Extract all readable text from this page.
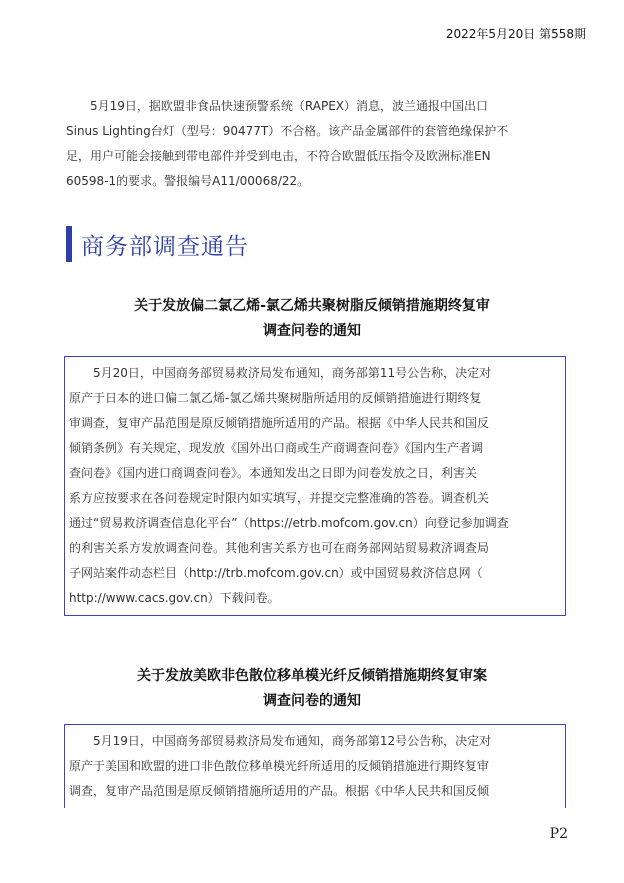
2022年5月20日 第558期
5月19日，据欧盟非食品快速预警系统（RAPEX）消息，波兰通报中国出口
Sinus Lighting台灯（型号：90477T）不合格。该产品金属部件的套管绝缘保护不
足，用户可能会接触到带电部件并受到电击，不符合欧盟低压指令及欧洲标准EN
60598-1的要求。警报编号A11/00068/22。
商务部调查通告
关于发放偏二氯乙烯-氯乙烯共聚树脂反倾销措施期终复审
调查问卷的通知
5月20日，中国商务部贸易救济局发布通知，商务部第11号公告称，决定对
原产于日本的进口偏二氯乙烯-氯乙烯共聚树脂所适用的反倾销措施进行期终复
审调查，复审产品范围是原反倾销措施所适用的产品。根据《中华人民共和国反
倾销条例》有关规定，现发放《国外出口商或生产商调查问卷》《国内生产者调
查问卷》《国内进口商调查问卷》。本通知发出之日即为问卷发放之日，利害关
系方应按要求在各问卷规定时限内如实填写，并提交完整准确的答卷。调查机关
通过“贸易救济调查信息化平台”（https://etrb.mofcom.gov.cn）向登记参加调查
的利害关系方发放调查问卷。其他利害关系方也可在商务部网站贸易救济调查局
子网站案件动态栏目（http://trb.mofcom.gov.cn）或中国贸易救济信息网（
http://www.cacs.gov.cn）下载问卷。
关于发放美欧非色散位移单模光纤反倾销措施期终复审案
调查问卷的通知
5月19日，中国商务部贸易救济局发布通知，商务部第12号公告称，决定对
原产于美国和欧盟的进口非色散位移单模光纤所适用的反倾销措施进行期终复审
调查，复审产品范围是原反倾销措施所适用的产品。根据《中华人民共和国反倾
P2
